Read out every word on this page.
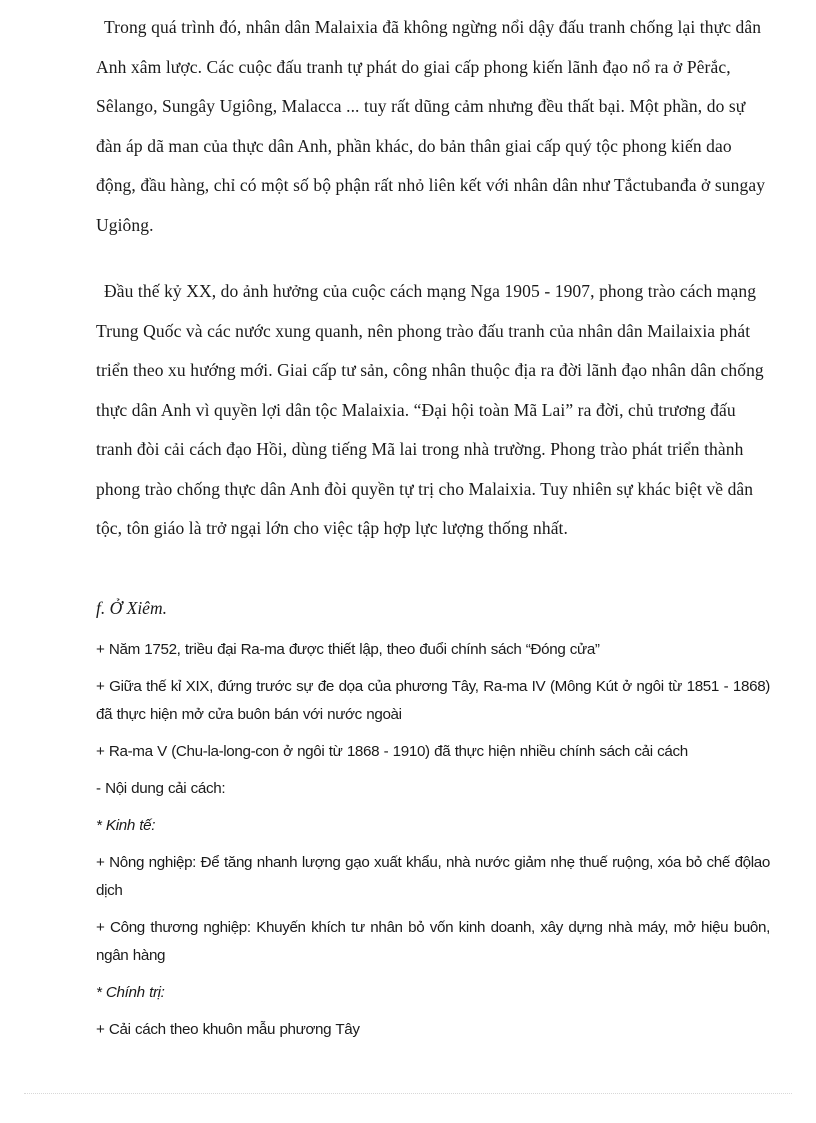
Trong quá trình đó, nhân dân Malaixia đã không ngừng nổi dậy đấu tranh chống lại thực dân Anh xâm lược. Các cuộc đấu tranh tự phát do giai cấp phong kiến lãnh đạo nổ ra ở Pêrắc, Sêlango, Sungây Ugiông, Malacca ... tuy rất dũng cảm nhưng đều thất bại. Một phần, do sự đàn áp dã man của thực dân Anh, phần khác, do bản thân giai cấp quý tộc phong kiến dao động, đầu hàng, chỉ có một số bộ phận rất nhỏ liên kết với nhân dân như Tắctubanđa ở sungay Ugiông.

Đầu thế kỷ XX, do ảnh hưởng của cuộc cách mạng Nga 1905 - 1907, phong trào cách mạng Trung Quốc và các nước xung quanh, nên phong trào đấu tranh của nhân dân Mailaixia phát triển theo xu hướng mới. Giai cấp tư sản, công nhân thuộc địa ra đời lãnh đạo nhân dân chống thực dân Anh vì quyền lợi dân tộc Malaixia. “Đại hội toàn Mã Lai” ra đời, chủ trương đấu tranh đòi cải cách đạo Hồi, dùng tiếng Mã lai trong nhà trường. Phong trào phát triển thành phong trào chống thực dân Anh đòi quyền tự trị cho Malaixia. Tuy nhiên sự khác biệt về dân tộc, tôn giáo là trở ngại lớn cho việc tập hợp lực lượng thống nhất.

f. Ở Xiêm.
+ Năm 1752, triều đại Ra-ma được thiết lập, theo đuổi chính sách “Đóng cửa”
+ Giữa thế kỉ XIX, đứng trước sự đe dọa của phương Tây, Ra-ma IV (Mông Kút ở ngôi từ 1851 - 1868) đã thực hiện mở cửa buôn bán với nước ngoài
+ Ra-ma V (Chu-la-long-con ở ngôi từ 1868 - 1910) đã thực hiện nhiều chính sách cải cách
- Nội dung cải cách:
* Kinh tế:
+ Nông nghiệp: Để tăng nhanh lượng gạo xuất khẩu, nhà nước giảm nhẹ thuế ruộng, xóa bỏ chế độlao dịch
+ Công thương nghiệp: Khuyến khích tư nhân bỏ vốn kinh doanh, xây dựng nhà máy, mở hiệu buôn, ngân hàng
* Chính trị:
+ Cải cách theo khuôn mẫu phương Tây
